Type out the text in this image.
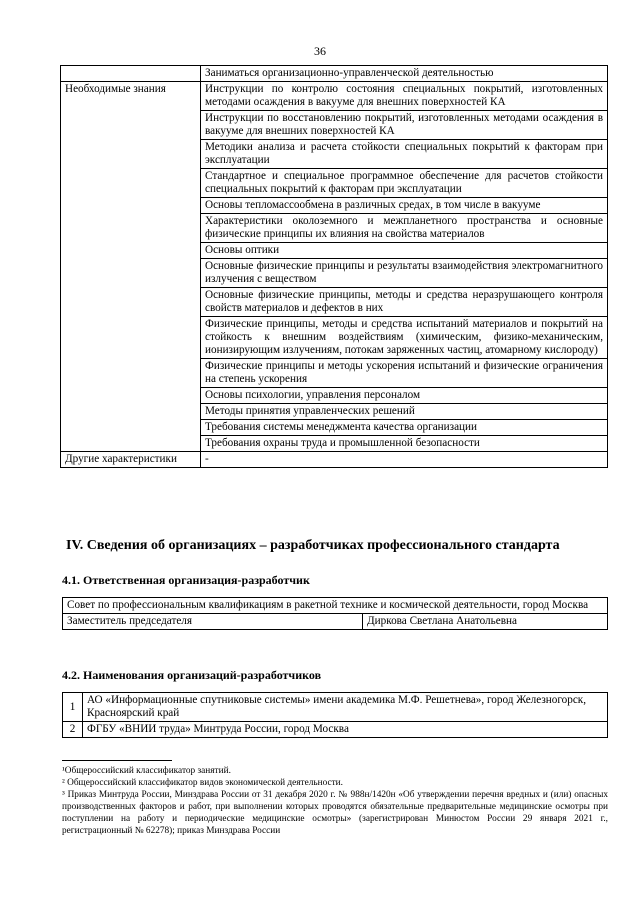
36
	Заниматься организационно-управленческой деятельностью
Необходимые знания	Инструкции по контролю состояния специальных покрытий, изготовленных методами осаждения в вакууме для внешних поверхностей КА
	Инструкции по восстановлению покрытий, изготовленных методами осаждения в вакууме для внешних поверхностей КА
	Методики анализа и расчета стойкости специальных покрытий к факторам при эксплуатации
	Стандартное и специальное программное обеспечение для расчетов стойкости специальных покрытий к факторам при эксплуатации
	Основы тепломассообмена в различных средах, в том числе в вакууме
	Характеристики околоземного и межпланетного пространства и основные физические принципы их влияния на свойства материалов
	Основы оптики
	Основные физические принципы и результаты взаимодействия электромагнитного излучения с веществом
	Основные физические принципы, методы и средства неразрушающего контроля свойств материалов и дефектов в них
	Физические принципы, методы и средства испытаний материалов и покрытий на стойкость к внешним воздействиям (химическим, физико-механическим, ионизирующим излучениям, потокам заряженных частиц, атомарному кислороду)
	Физические принципы и методы ускорения испытаний и физические ограничения на степень ускорения
	Основы психологии, управления персоналом
	Методы принятия управленческих решений
	Требования системы менеджмента качества организации
	Требования охраны труда и промышленной безопасности
Другие характеристики	-
IV. Сведения об организациях – разработчиках профессионального стандарта
4.1. Ответственная организация-разработчик
Совет по профессиональным квалификациям в ракетной технике и космической деятельности, город Москва
Заместитель председателя	Диркова Светлана Анатольевна
4.2. Наименования организаций-разработчиков
1	АО «Информационные спутниковые системы» имени академика М.Ф. Решетнева», город Железногорск, Красноярский край
2	ФГБУ «ВНИИ труда» Минтруда России, город Москва

¹Общероссийский классификатор занятий.

² Общероссийский классификатор видов экономической деятельности.

³ Приказ Минтруда России, Минздрава России от 31 декабря 2020 г. № 988н/1420н «Об утверждении перечня вредных и (или) опасных производственных факторов и работ, при выполнении которых проводятся обязательные предварительные медицинские осмотры при поступлении на работу и периодические медицинские осмотры» (зарегистрирован Минюстом России 29 января 2021 г., регистрационный № 62278); приказ Минздрава России
